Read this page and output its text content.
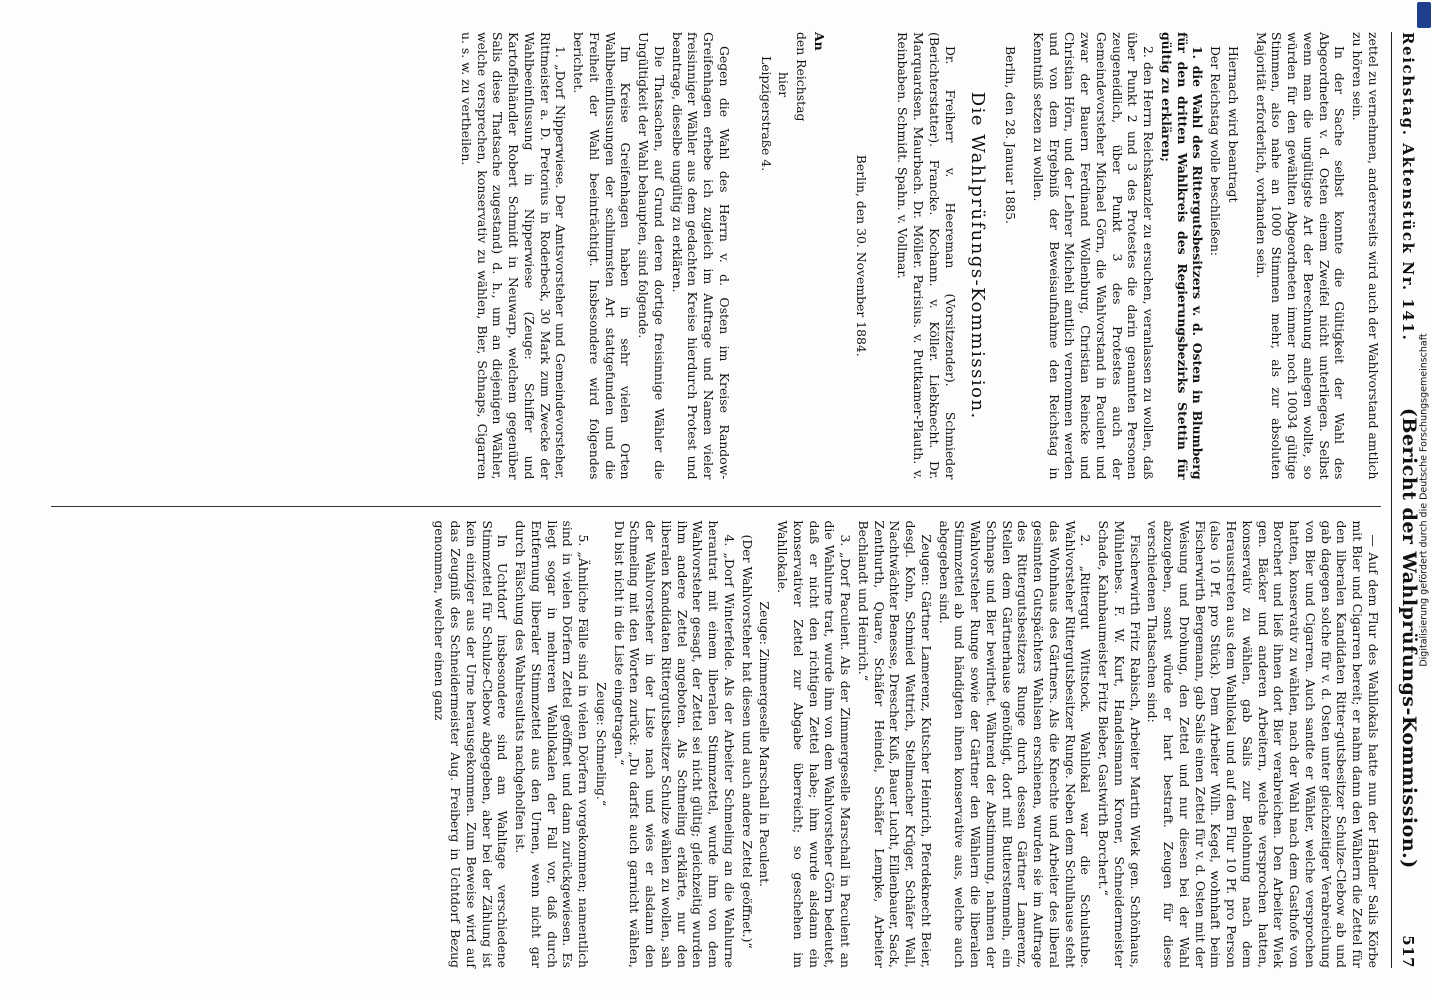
Reichstag. Aktenstück Nr. 141.
(Bericht der Wahlprüfungs-Kommission.)
517

zettel zu vernehmen, andererseits wird auch der Wahlvorstand amtlich zu hören sein.

In der Sache selbst konnte die Gültigkeit der Wahl des Abgeordneten v. d. Osten einem Zweifel nicht unterliegen. Selbst wenn man die ungültigste Art der Berechnung anlegen wollte, so würden für den gewählten Abgeordneten immer noch 10034 gültige Stimmen, also nahe an 1000 Stimmen mehr, als zur absoluten Majorität erforderlich, vorhanden sein.

Hiernach wird beantragt

Der Reichstag wolle beschließen:

1. die Wahl des Rittergutsbesitzers v. d. Osten in Blumberg für den dritten Wahlkreis des Regierungsbezirks Stettin für gültig zu erklären;

2. den Herrn Reichskanzler zu ersuchen, veranlassen zu wollen, daß über Punkt 2 und 3 des Protestes die darin genannten Personen zeugeneidlich, über Punkt 3 des Protestes auch der Gemeindevorsteher Michael Görn, die Wahlvorstand in Paculent und zwar der Bauern Ferdinand Wollenburg, Christian Reincke und Christian Hörn, und der Lehrer Michehl amtlich vernommen werden und von dem Ergebniß der Beweisaufnahme den Reichstag in Kenntniß setzen zu wollen.

Berlin, den 28. Januar 1885.

Die Wahlprüfungs-Kommission.

Dr. Freiherr v. Heereman (Vorsitzender). Schmieder (Berichterstatter). Francke. Kochann. v. Köller. Liebknecht. Dr. Marquardsen. Maurbach. Dr. Möller. Parisius. v. Puttkamer-Plauth. v. Reinbaben. Schmidt. Spahn. v. Vollmar.

Berlin, den 30. November 1884.

An

den Reichstag

hier

Leipzigerstraße 4.

Gegen die Wahl des Herrn v. d. Osten im Kreise Randow-Greifenhagen erhebe ich zugleich im Auftrage und Namen vieler freisinniger Wähler aus dem gedachten Kreise hierdurch Protest und beantrage, dieselbe ungültig zu erklären.

Die Thatsachen, auf Grund deren dortige freisinnige Wähler die Ungültigkeit der Wahl behaupten, sind folgende.

Im Kreise Greifenhagen haben in sehr vielen Orten Wahlbeeinflussungen der schlimmsten Art stattgefunden und die Freiheit der Wahl beeinträchtigt. Insbesondere wird folgendes berichtet.

1. „Dorf Nipperwiese. Der Amtsvorsteher und Gemeindevorsteher, Rittmeister a. D. Pretorius in Roderbeck, 30 Mark zum Zwecke der Wahlbeeinflussung in Nipperwiese (Zeuge: Schiffer und Kartoffelhändler Robert Schmidt in Neuwarp, welchem gegenüber Salis diese Thatsache zugestand) d. h., um an diejenigen Wähler, welche versprechen, konservativ zu wählen, Bier, Schnaps, Cigarren u. s. w. zu vertheilen.

— Auf dem Flur des Wahllokals hatte nun der Händler Salis Körbe mit Bier und Cigarren bereit; er nahm dann den Wählern die Zettel für den liberalen Kandidaten Ritter-gutsbesitzer Schulze-Clebow ab und gab dagegen solche für v. d. Osten unter gleichzeitiger Verabreichung von Bier und Cigarren. Auch sandte er Wähler, welche versprochen hatten, konservativ zu wählen, nach der Wahl nach dem Gasthofe von Borchert und ließ ihnen dort Bier verabreichen. Den Arbeiter Wiek gen. Bäcker und anderen Arbeitern, welche versprochen hatten, konservativ zu wählen, gab Salis zur Belohnung nach dem Herausstreten aus dem Wahllokal und auf dem Flur 10 Pf. pro Person (also 10 Pf. pro Stück). Dem Arbeiter Wilh. Kegel, wohnhaft beim Fischerwirth Bergemann, gab Salis einen Zettel für v. d. Osten mit der Weisung und Drohung, den Zettel und nur diesen bei der Wahl abzugeben, sonst würde er hart bestraft. Zeugen für diese verschiedenen Thatsachen sind:

Fischerwirth Fritz Rabisch, Arbeiter Martin Wiek gen. Schönhaus, Mühlenbes. F. W. Kurt, Handelsmann Kroner, Schneidermeister Schade, Kahnbaumeister Fritz Bieber, Gastwirth Borchert.“

2. „Rittergut Wittstock. Wahllokal war die Schulstube. Wahlvorsteher Rittergutsbesitzer Runge. Neben dem Schulhause steht das Wohnhaus des Gärtners. Als die Knechte und Arbeiter des liberal gesinnten Gutspächters Wahlsen erschienen, wurden sie im Auftrage des Rittergutsbesitzers Runge durch dessen Gärtner Lamerenz, Stellen dem Gärtnerhause genöthigt, dort mit Butterstemmeln, ein Schnaps und Bier bewirthet. Während der Abstimmung, nahmen der Wahlvorsteher Runge sowie der Gärtner den Wählern die liberalen Stimmzettel ab und händigten ihnen konservative aus, welche auch abgegeben sind.

Zeugen: Gärtner Lamerenz, Kutscher Heinrich, Pferdeknecht Beier, desgl. Kohn, Schmied Wattrich, Stellmacher Krüger, Schäfer Wall, Nachtwächter Benesse, Drescher Kuß, Bauer Lucht, Eillenbauer, Sack, Zenthurth, Quare, Schäfer Heindel, Schäfer Lempke, Arbeiter Bechlandt und Heinrich.“

3. „Dorf Paculent. Als der Zimmergeselle Marschall in Paculent an die Wahlurne trat, wurde ihm von dem Wahlvorsteher Görn bedeutet, daß er nicht den richtigen Zettel habe; ihm wurde alsdann ein konservativer Zettel zur Abgabe überreicht; so geschehen im Wahllokale.

Zeuge: Zimmergeselle Marschall in Paculent.

(Der Wahlvorsteher hat diesen und auch andere Zettel geöffnet.)“

4. „Dorf Winterfelde. Als der Arbeiter Schmeling an die Wahlurne herantrat mit einem liberalen Stimmzettel, wurde ihm von dem Wahlvorsteher gesagt, der Zettel sei nicht gültig; gleichzeitig wurden ihm andere Zettel angeboten. Als Schmeling erklärte, nur den liberalen Kandidaten Rittergutsbesitzer Schulze wählen zu wollen, sah der Wahlvorsteher in der Liste nach und wies er alsdann den Schmeling mit den Worten zurück: „Du darfst auch garnicht wählen, Du bist nicht in die Liste eingetragen.“

Zeuge: Schmeling.“

5. „Ähnliche Fälle sind in vielen Dörfern vorgekommen; namentlich sind in vielen Dörfern Zettel geöffnet und dann zurückgewiesen. Es liegt sogar in mehreren Wahllokalen der Fall vor, daß durch Entfernung liberaler Stimmzettel aus den Urnen, wenn nicht gar durch Fälschung des Wahlresultats nachgeholfen ist.

In Uchtdorf insbesondere sind am Wahltage verschiedene Stimmzettel für Schulze-Clebow abgegeben, aber bei der Zählung ist kein einziger aus der Urne herausgekommen. Zum Beweise wird auf das Zeugniß des Schneidermeister Aug. Freiberg in Uchtdorf Bezug genommen, welcher einen ganz	Digitalisierung gefördert durch die Deutsche Forschungsgemeinschaft
